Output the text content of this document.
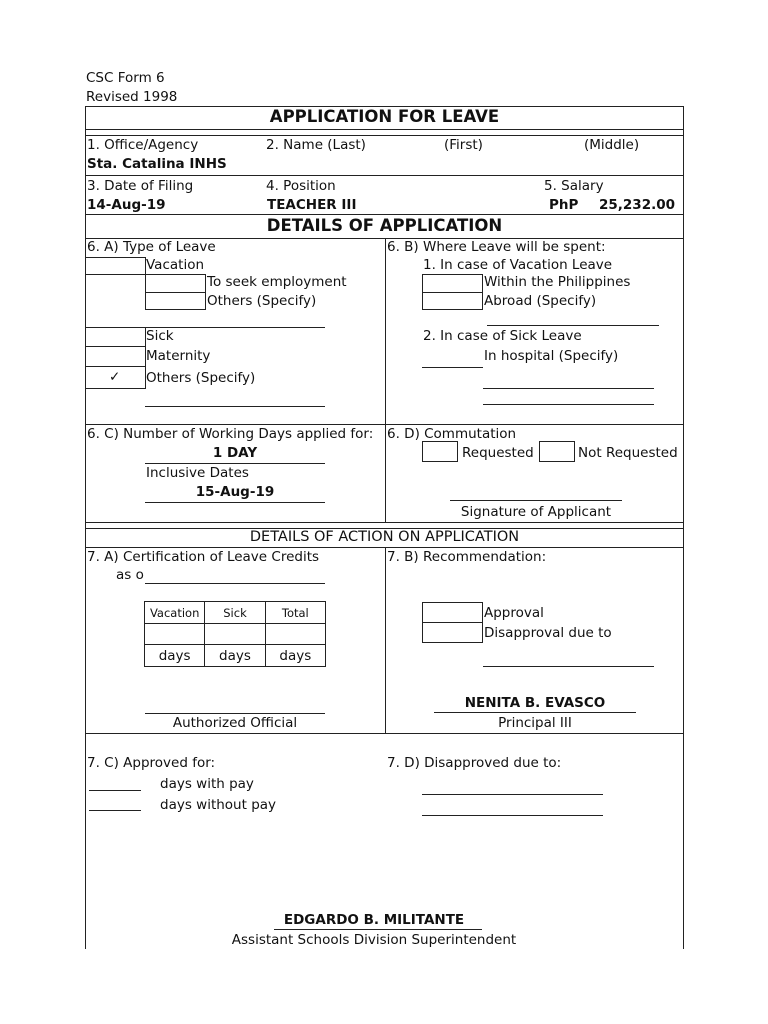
CSC Form 6
Revised 1998
APPLICATION FOR LEAVE
1. Office/Agency	2. Name (Last)	(First)	(Middle)
Sta. Catalina INHS
3. Date of Filing	4. Position	5. Salary
14-Aug-19	TEACHER III	PhP 25,232.00
DETAILS OF APPLICATION
6. A) Type of Leave
Vacation
To seek employment
Others (Specify)
Sick
Maternity
✓ Others (Specify)
6. B) Where Leave will be spent:
1. In case of Vacation Leave
Within the Philippines
Abroad (Specify)
2. In case of Sick Leave
In hospital (Specify)
6. C) Number of Working Days applied for:
1 DAY
Inclusive Dates
15-Aug-19
6. D) Commutation
Requested	Not Requested
Signature of Applicant
DETAILS OF ACTION ON APPLICATION
7. A) Certification of Leave Credits
as o
Vacation	Sick	Total

days	days	days
Authorized Official
7. B) Recommendation:
Approval
Disapproval due to
NENITA B. EVASCO
Principal III
7. C) Approved for:
days with pay
days without pay
7. D) Disapproved due to:
EDGARDO B. MILITANTE
Assistant Schools Division Superintendent
